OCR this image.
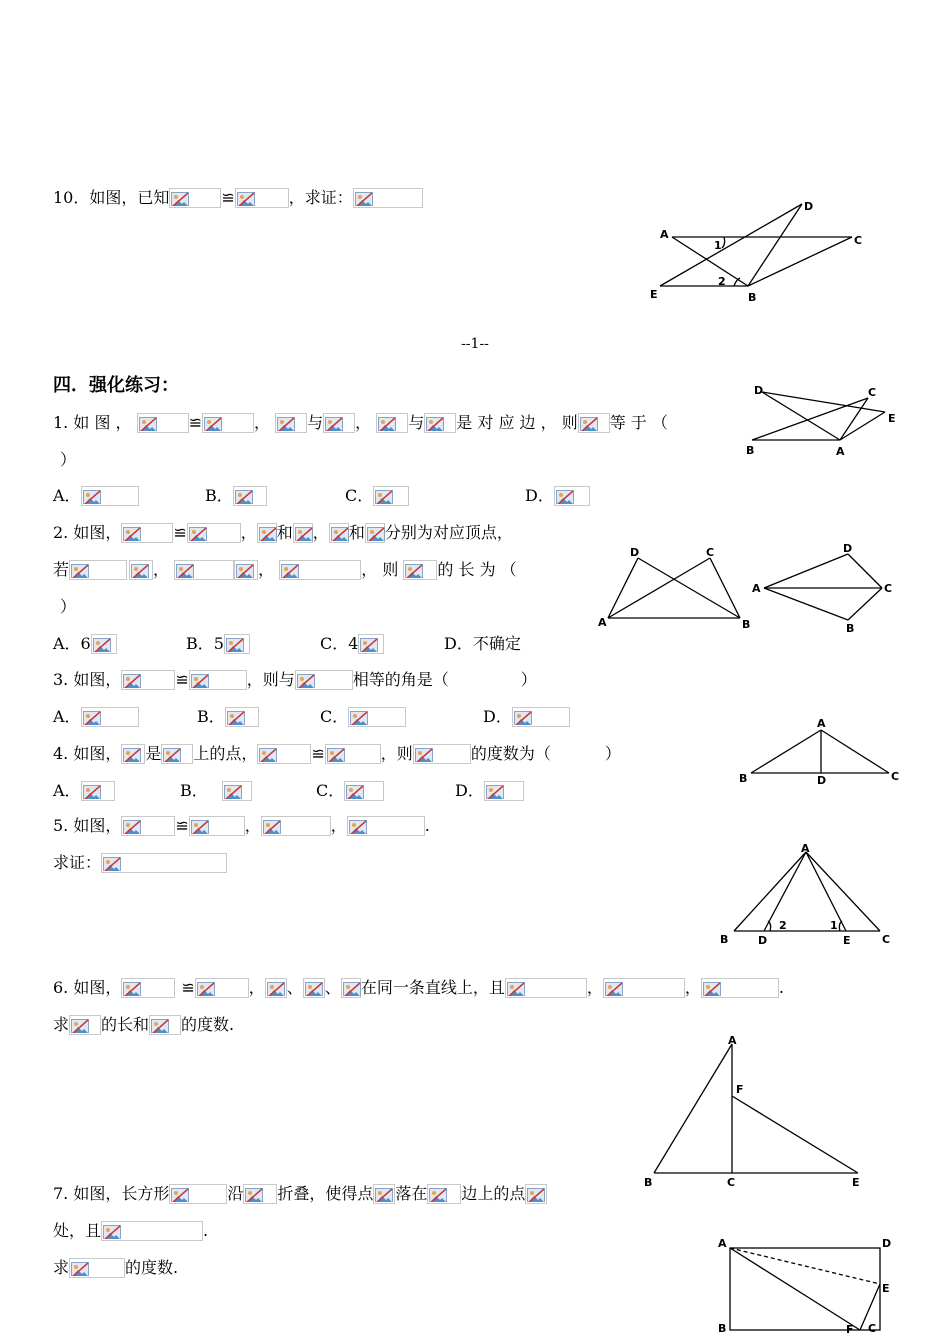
10．如图，已知	≌	，求证：
A	C
D
E	B
1
2
--1--
四．强化练习：
1. 如 图 ，	≌	， 与 ， 与 是 对 应 边 ， 则 等 于 （
）
A．	B．	C．	D．
D	C
E
B	A
2. 如图，	≌	， 和 ， 和 分别为对应顶点，
若	，	，	， 则 的 长 为 （
）
A．6	B．5	C．4	D．不确定
D	C
A	B
D
A	C
B
3. 如图，	≌	，则与	相等的角是（	）
A．	B．	C．	D．
4. 如图， 是 上的点，	≌	，则	的度数为（	）
A．	B．	C．	D．
A
B	D	C
5. 如图，	≌	，	，	.
求证：
A
B	D
2	1
E	C
6. 如图，	≌	， 、 、 在同一条直线上，且	，	，	.
求 的长和 的度数.
A
F
B	C	E
7. 如图，长方形	沿 折叠，使得点 落在 边上的点
处，且	.
求	的度数.
A	D
E
B	F C
